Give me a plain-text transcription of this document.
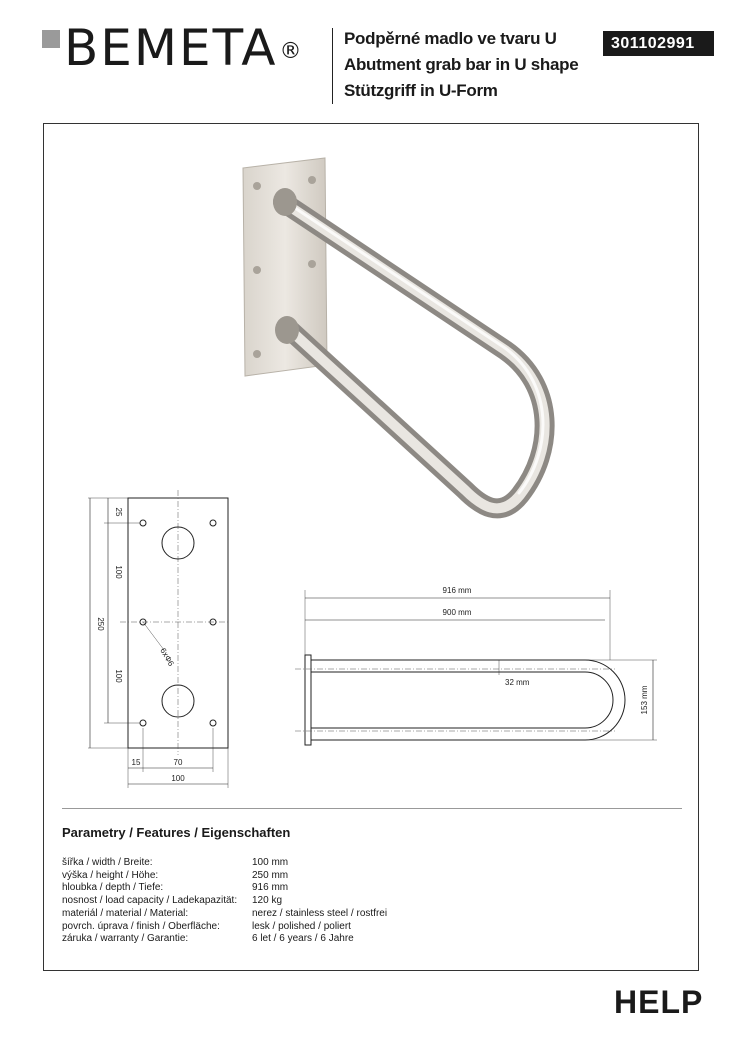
BEMETA®
Podpěrné madlo ve tvaru U
Abutment grab bar in U shape
Stützgriff in U-Form
301102991
25
100
250
100
6xΦ6
15	70
100
916 mm
900 mm
32 mm
153 mm
Parametry / Features / Eigenschaften
šířka / width / Breite:	100 mm
výška / height / Höhe:	250 mm
hloubka / depth / Tiefe:	916 mm
nosnost / load capacity / Ladekapazität:	120 kg
materiál / material / Material:	nerez / stainless steel / rostfrei
povrch. úprava / finish / Oberfläche:	lesk / polished / poliert
záruka / warranty / Garantie:	6 let / 6 years / 6 Jahre
HELP
